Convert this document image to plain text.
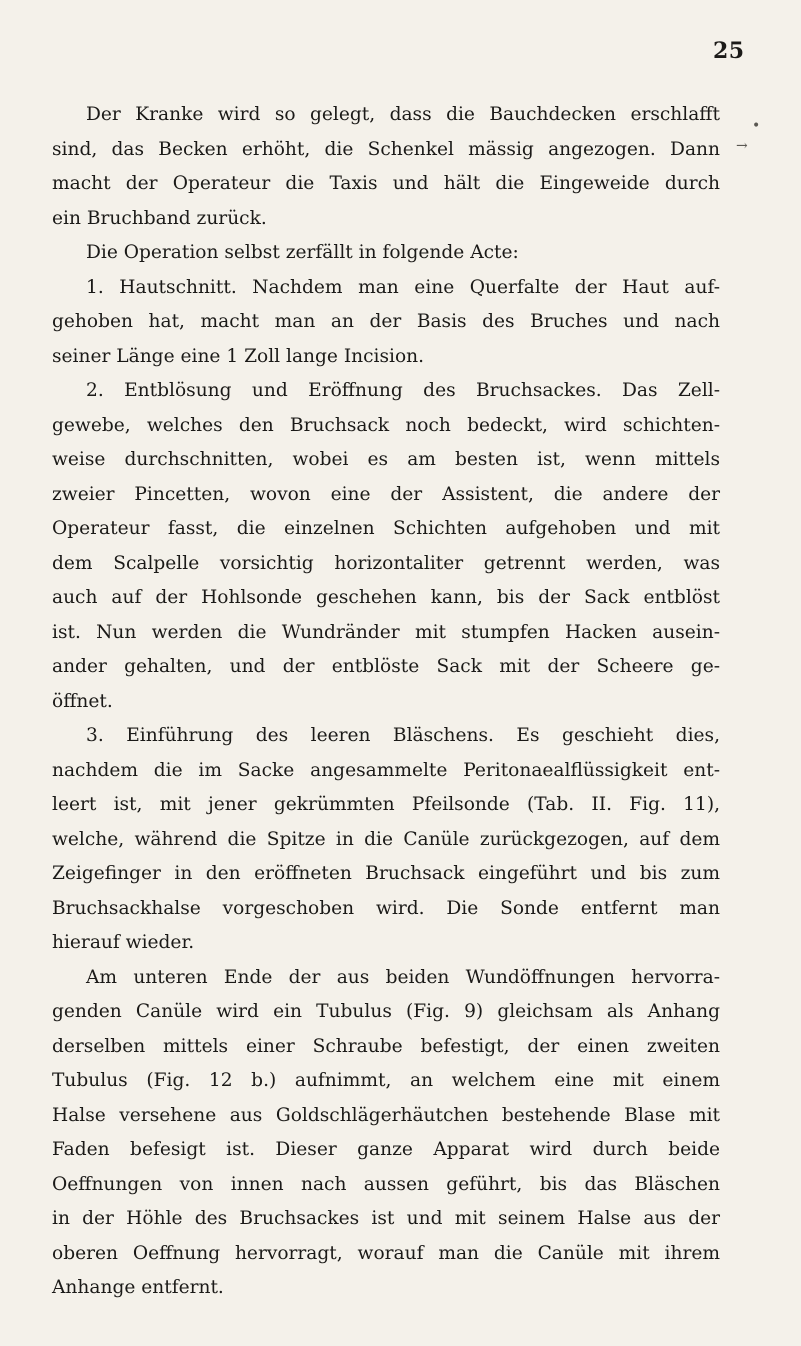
25
•
→
Der Kranke wird so gelegt, dass die Bauchdecken erschlafft
sind, das Becken erhöht, die Schenkel mässig angezogen. Dann
macht der Operateur die Taxis und hält die Eingeweide durch
ein Bruchband zurück.
Die Operation selbst zerfällt in folgende Acte:
1. Hautschnitt. Nachdem man eine Querfalte der Haut auf-
gehoben hat, macht man an der Basis des Bruches und nach
seiner Länge eine 1 Zoll lange Incision.
2. Entblösung und Eröffnung des Bruchsackes. Das Zell-
gewebe, welches den Bruchsack noch bedeckt, wird schichten-
weise durchschnitten, wobei es am besten ist, wenn mittels
zweier Pincetten, wovon eine der Assistent, die andere der
Operateur fasst, die einzelnen Schichten aufgehoben und mit
dem Scalpelle vorsichtig horizontaliter getrennt werden, was
auch auf der Hohlsonde geschehen kann, bis der Sack entblöst
ist. Nun werden die Wundränder mit stumpfen Hacken ausein-
ander gehalten, und der entblöste Sack mit der Scheere ge-
öffnet.
3. Einführung des leeren Bläschens. Es geschieht dies,
nachdem die im Sacke angesammelte Peritonaealflüssigkeit ent-
leert ist, mit jener gekrümmten Pfeilsonde (Tab. II. Fig. 11),
welche, während die Spitze in die Canüle zurückgezogen, auf dem
Zeigefinger in den eröffneten Bruchsack eingeführt und bis zum
Bruchsackhalse vorgeschoben wird. Die Sonde entfernt man
hierauf wieder.
Am unteren Ende der aus beiden Wundöffnungen hervorra-
genden Canüle wird ein Tubulus (Fig. 9) gleichsam als Anhang
derselben mittels einer Schraube befestigt, der einen zweiten
Tubulus (Fig. 12 b.) aufnimmt, an welchem eine mit einem
Halse versehene aus Goldschlägerhäutchen bestehende Blase mit
Faden befesigt ist. Dieser ganze Apparat wird durch beide
Oeffnungen von innen nach aussen geführt, bis das Bläschen
in der Höhle des Bruchsackes ist und mit seinem Halse aus der
oberen Oeffnung hervorragt, worauf man die Canüle mit ihrem
Anhange entfernt.
